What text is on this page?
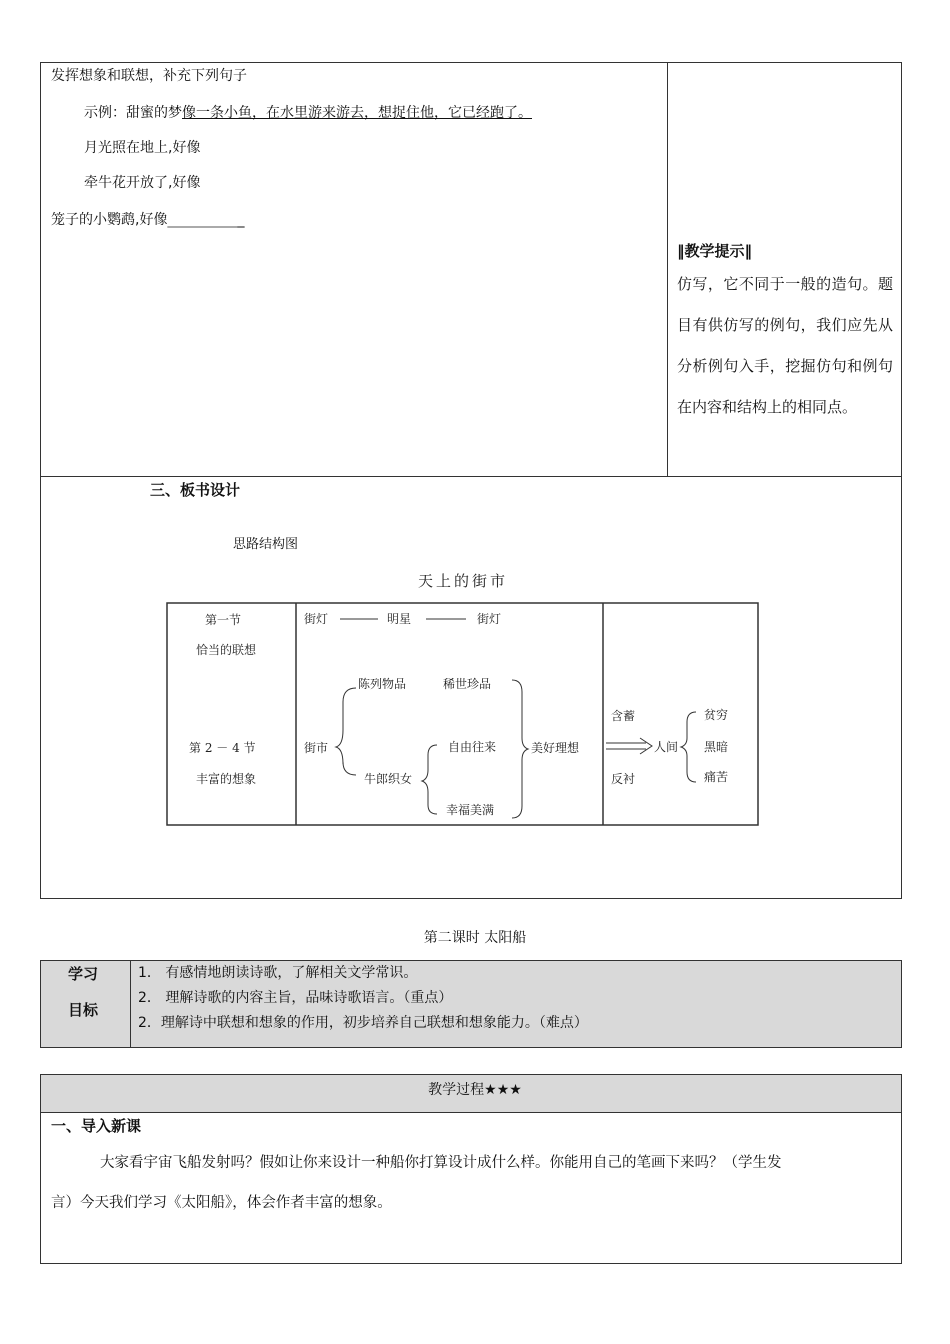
发挥想象和联想，补充下列句子
示例：甜蜜的梦像一条小鱼，在水里游来游去，想捉住他，它已经跑了。
月光照在地上,好像
牵牛花开放了,好像
笼子的小鹦鹉,好像___________
‖教学提示‖
仿写，它不同于一般的造句。题目有供仿写的例句，我们应先从分析例句入手，挖掘仿句和例句在内容和结构上的相同点。
三、板书设计
思路结构图
天上的街市
第一节
恰当的联想
第 2 － 4 节
丰富的想象
街灯	明星	街灯
街市
陈列物品	稀世珍品
牛郎织女
自由往来
幸福美满
美好理想
含蓄
反衬
人间
贫穷
黑暗
痛苦
第二课时 太阳船
学习
目标
1． 有感情地朗读诗歌，了解相关文学常识。
2． 理解诗歌的内容主旨，品味诗歌语言。（重点）
2．理解诗中联想和想象的作用，初步培养自己联想和想象能力。（难点）
教学过程★★★
一、导入新课
大家看宇宙飞船发射吗？假如让你来设计一种船你打算设计成什么样。你能用自己的笔画下来吗？（学生发
言）今天我们学习《太阳船》，体会作者丰富的想象。
